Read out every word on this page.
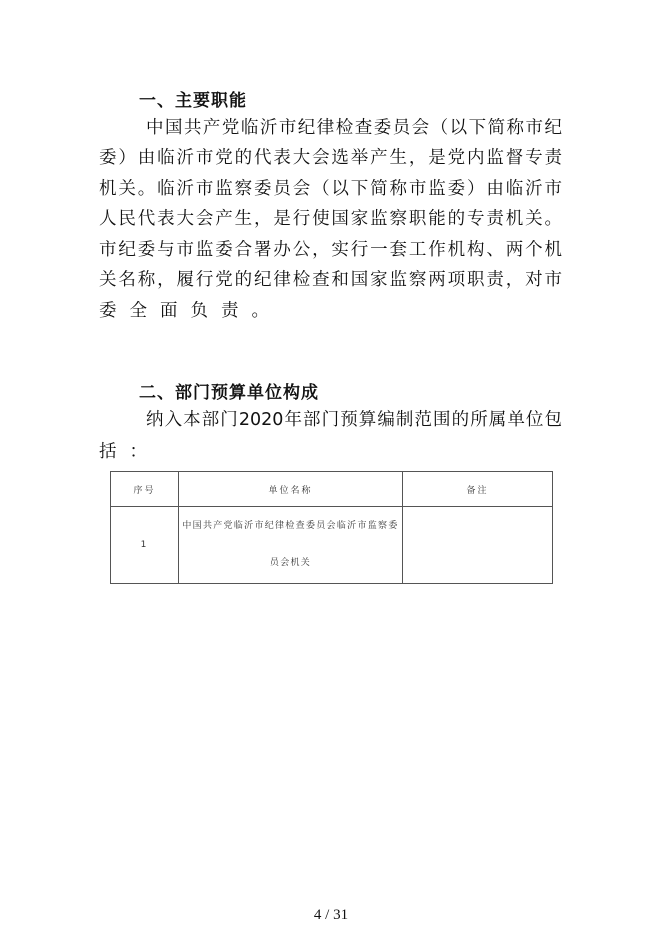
一、主要职能
中国共产党临沂市纪律检查委员会（以下简称市纪
委）由临沂市党的代表大会选举产生，是党内监督专责
机关。临沂市监察委员会（以下简称市监委）由临沂市
人民代表大会产生，是行使国家监察职能的专责机关。
市纪委与市监委合署办公，实行一套工作机构、两个机
关名称，履行党的纪律检查和国家监察两项职责，对市
委全面负责。
二、部门预算单位构成
纳入本部门2020年部门预算编制范围的所属单位包
括：
序号	单位名称	备注
1	中国共产党临沂市纪律检查委员会临沂市监察委
员会机关	

4 / 31
